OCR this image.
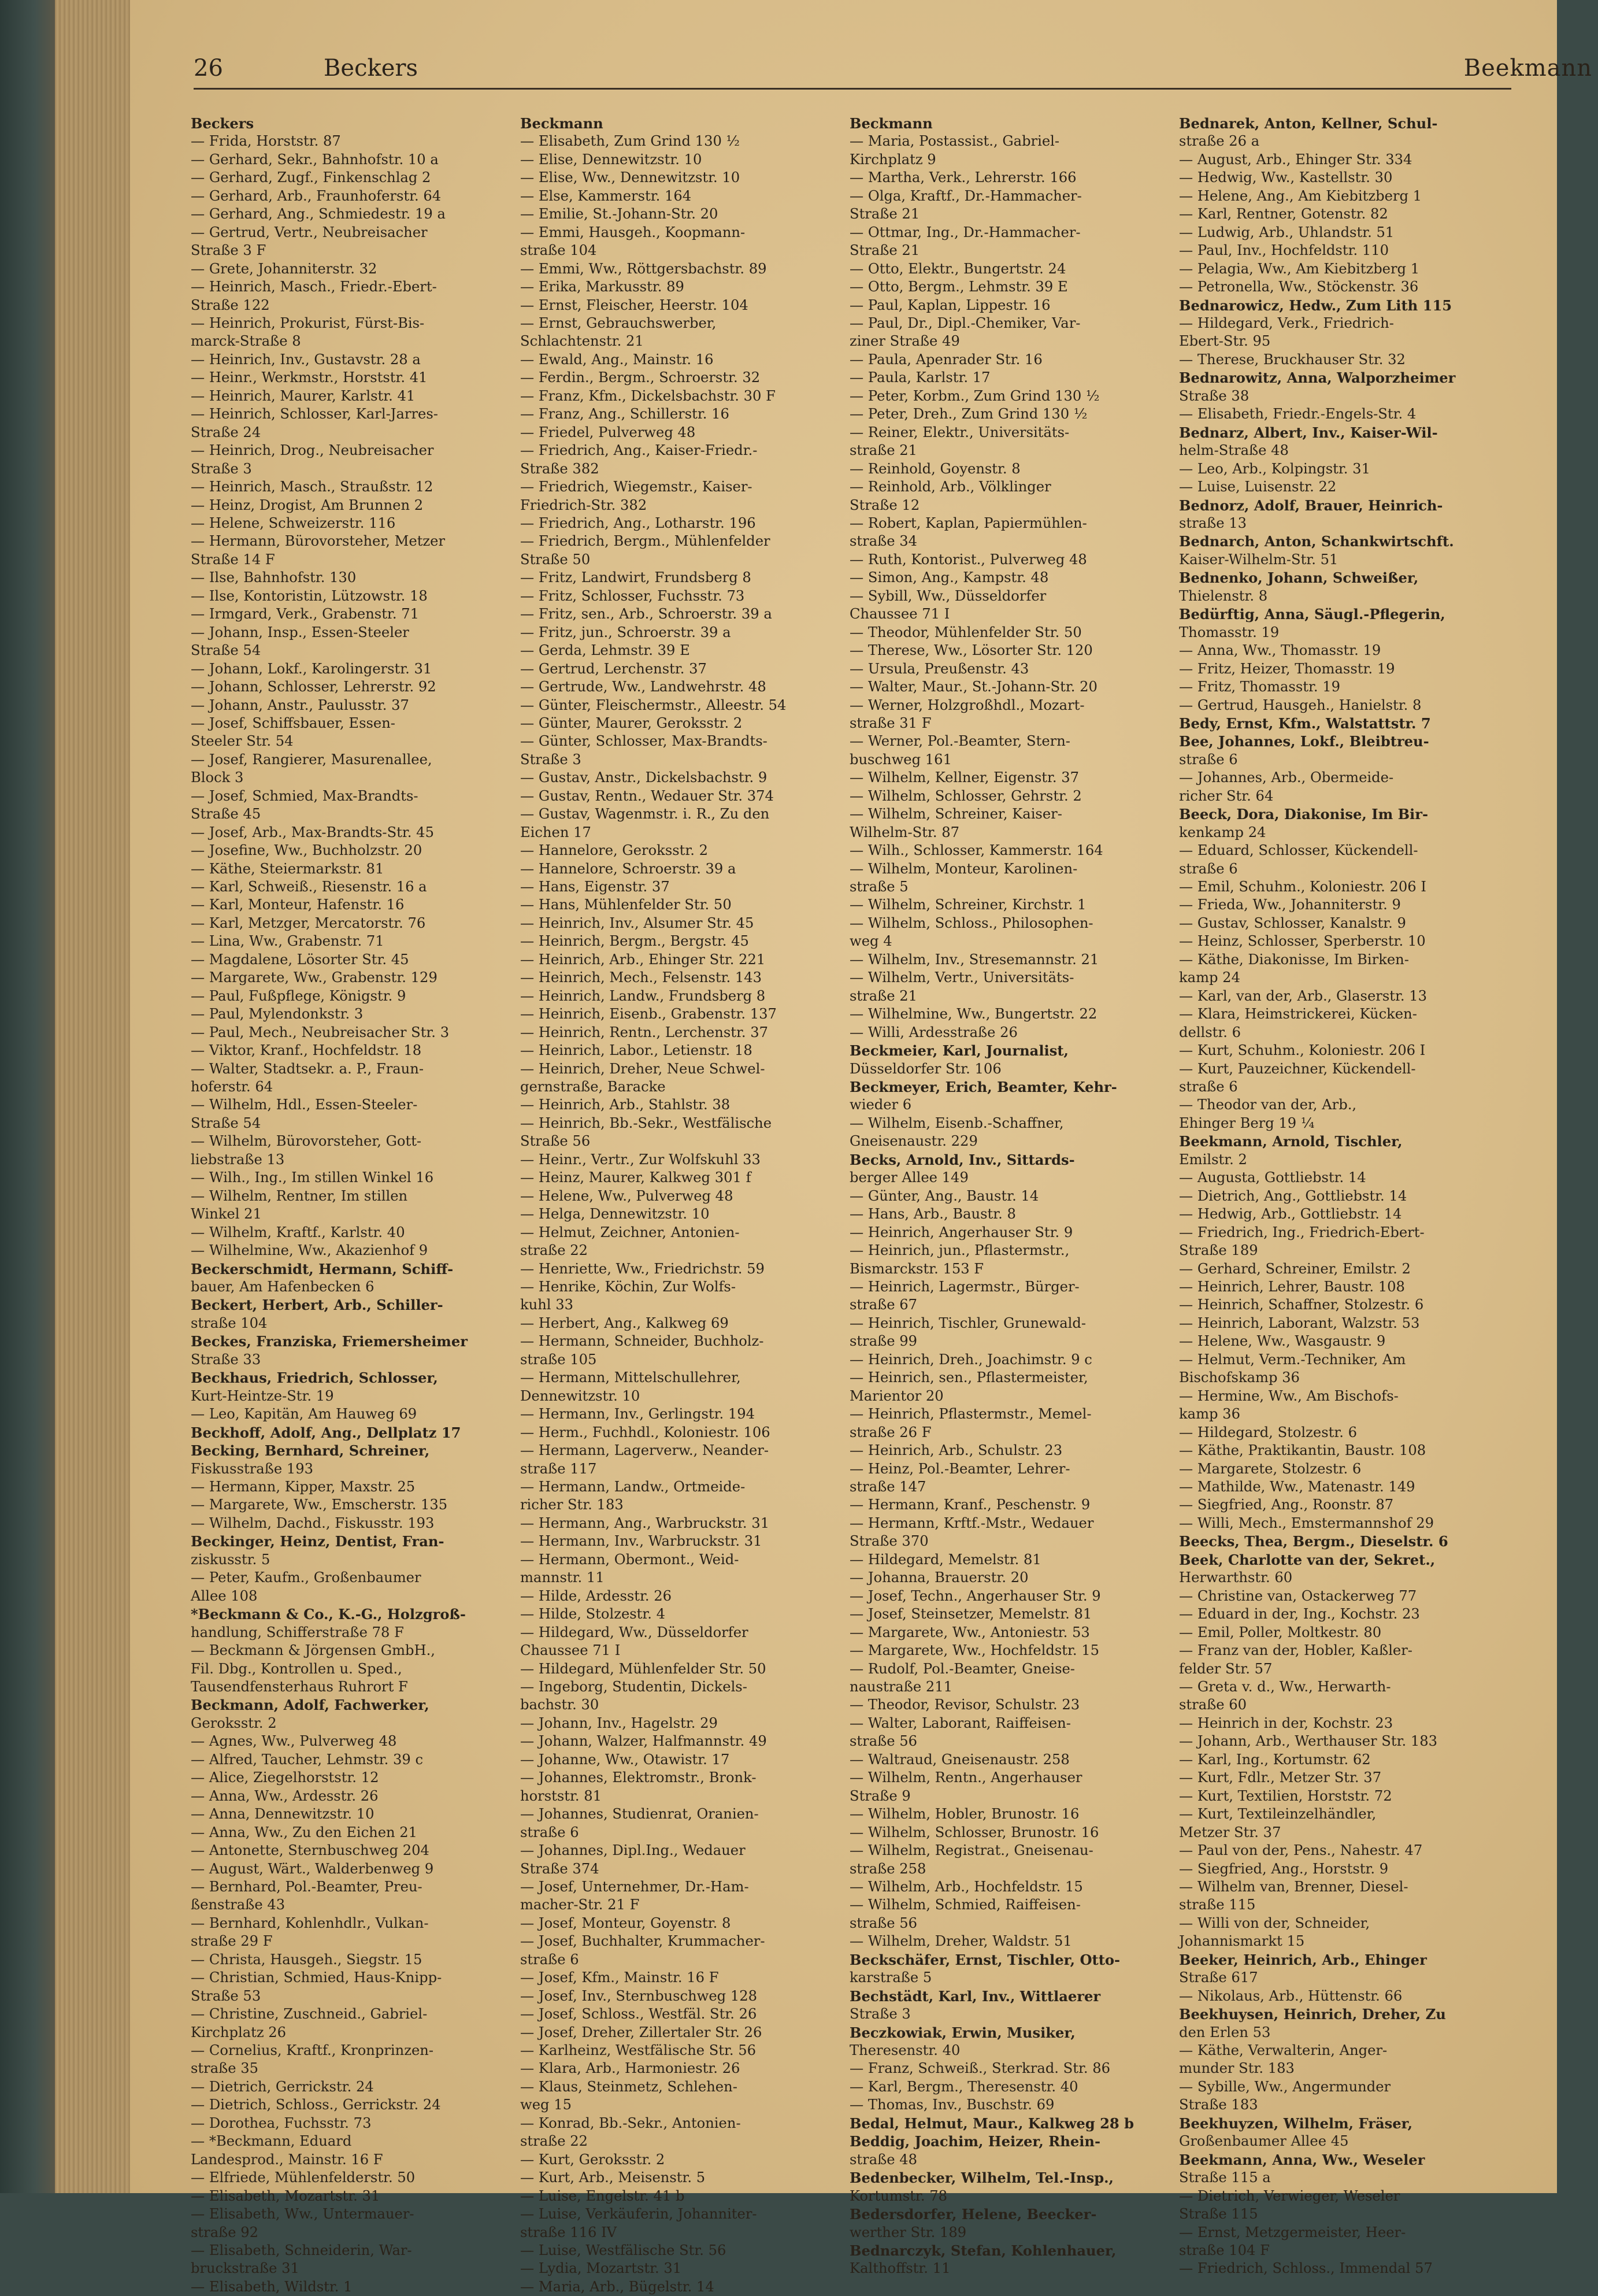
26	Beckers	Beekmann
Beckers
— Frida, Horststr. 87
— Gerhard, Sekr., Bahnhofstr. 10 a
— Gerhard, Zugf., Finkenschlag 2
— Gerhard, Arb., Fraunhoferstr. 64
— Gerhard, Ang., Schmiedestr. 19 a
— Gertrud, Vertr., Neubreisacher
Straße 3 F
— Grete, Johanniterstr. 32
— Heinrich, Masch., Friedr.-Ebert-
Straße 122
— Heinrich, Prokurist, Fürst-Bis-
marck-Straße 8
— Heinrich, Inv., Gustavstr. 28 a
— Heinr., Werkmstr., Horststr. 41
— Heinrich, Maurer, Karlstr. 41
— Heinrich, Schlosser, Karl-Jarres-
Straße 24
— Heinrich, Drog., Neubreisacher
Straße 3
— Heinrich, Masch., Straußstr. 12
— Heinz, Drogist, Am Brunnen 2
— Helene, Schweizerstr. 116
— Hermann, Bürovorsteher, Metzer
Straße 14 F
— Ilse, Bahnhofstr. 130
— Ilse, Kontoristin, Lützowstr. 18
— Irmgard, Verk., Grabenstr. 71
— Johann, Insp., Essen-Steeler
Straße 54
— Johann, Lokf., Karolingerstr. 31
— Johann, Schlosser, Lehrerstr. 92
— Johann, Anstr., Paulusstr. 37
— Josef, Schiffsbauer, Essen-
Steeler Str. 54
— Josef, Rangierer, Masurenallee,
Block 3
— Josef, Schmied, Max-Brandts-
Straße 45
— Josef, Arb., Max-Brandts-Str. 45
— Josefine, Ww., Buchholzstr. 20
— Käthe, Steiermarkstr. 81
— Karl, Schweiß., Riesenstr. 16 a
— Karl, Monteur, Hafenstr. 16
— Karl, Metzger, Mercatorstr. 76
— Lina, Ww., Grabenstr. 71
— Magdalene, Lösorter Str. 45
— Margarete, Ww., Grabenstr. 129
— Paul, Fußpflege, Königstr. 9
— Paul, Mylendonkstr. 3
— Paul, Mech., Neubreisacher Str. 3
— Viktor, Kranf., Hochfeldstr. 18
— Walter, Stadtsekr. a. P., Fraun-
hoferstr. 64
— Wilhelm, Hdl., Essen-Steeler-
Straße 54
— Wilhelm, Bürovorsteher, Gott-
liebstraße 13
— Wilh., Ing., Im stillen Winkel 16
— Wilhelm, Rentner, Im stillen
Winkel 21
— Wilhelm, Kraftf., Karlstr. 40
— Wilhelmine, Ww., Akazienhof 9
Beckerschmidt, Hermann, Schiff-
bauer, Am Hafenbecken 6
Beckert, Herbert, Arb., Schiller-
straße 104
Beckes, Franziska, Friemersheimer
Straße 33
Beckhaus, Friedrich, Schlosser,
Kurt-Heintze-Str. 19
— Leo, Kapitän, Am Hauweg 69
Beckhoff, Adolf, Ang., Dellplatz 17
Becking, Bernhard, Schreiner,
Fiskusstraße 193
— Hermann, Kipper, Maxstr. 25
— Margarete, Ww., Emscherstr. 135
— Wilhelm, Dachd., Fiskusstr. 193
Beckinger, Heinz, Dentist, Fran-
ziskusstr. 5
— Peter, Kaufm., Großenbaumer
Allee 108
*Beckmann & Co., K.-G., Holzgroß-
handlung, Schifferstraße 78 F
— Beckmann & Jörgensen GmbH.,
Fil. Dbg., Kontrollen u. Sped.,
Tausendfensterhaus Ruhrort F
Beckmann, Adolf, Fachwerker,
Geroksstr. 2
— Agnes, Ww., Pulverweg 48
— Alfred, Taucher, Lehmstr. 39 c
— Alice, Ziegelhorststr. 12
— Anna, Ww., Ardesstr. 26
— Anna, Dennewitzstr. 10
— Anna, Ww., Zu den Eichen 21
— Antonette, Sternbuschweg 204
— August, Wärt., Walderbenweg 9
— Bernhard, Pol.-Beamter, Preu-
ßenstraße 43
— Bernhard, Kohlenhdlr., Vulkan-
straße 29 F
— Christa, Hausgeh., Siegstr. 15
— Christian, Schmied, Haus-Knipp-
Straße 53
— Christine, Zuschneid., Gabriel-
Kirchplatz 26
— Cornelius, Kraftf., Kronprinzen-
straße 35
— Dietrich, Gerrickstr. 24
— Dietrich, Schloss., Gerrickstr. 24
— Dorothea, Fuchsstr. 73
— *Beckmann, Eduard
Landesprod., Mainstr. 16 F
— Elfriede, Mühlenfelderstr. 50
— Elisabeth, Mozartstr. 31
— Elisabeth, Ww., Untermauer-
straße 92
— Elisabeth, Schneiderin, War-
bruckstraße 31
— Elisabeth, Wildstr. 1
Beckmann
— Elisabeth, Zum Grind 130 ½
— Elise, Dennewitzstr. 10
— Elise, Ww., Dennewitzstr. 10
— Else, Kammerstr. 164
— Emilie, St.-Johann-Str. 20
— Emmi, Hausgeh., Koopmann-
straße 104
— Emmi, Ww., Röttgersbachstr. 89
— Erika, Markusstr. 89
— Ernst, Fleischer, Heerstr. 104
— Ernst, Gebrauchswerber,
Schlachtenstr. 21
— Ewald, Ang., Mainstr. 16
— Ferdin., Bergm., Schroerstr. 32
— Franz, Kfm., Dickelsbachstr. 30 F
— Franz, Ang., Schillerstr. 16
— Friedel, Pulverweg 48
— Friedrich, Ang., Kaiser-Friedr.-
Straße 382
— Friedrich, Wiegemstr., Kaiser-
Friedrich-Str. 382
— Friedrich, Ang., Lotharstr. 196
— Friedrich, Bergm., Mühlenfelder
Straße 50
— Fritz, Landwirt, Frundsberg 8
— Fritz, Schlosser, Fuchsstr. 73
— Fritz, sen., Arb., Schroerstr. 39 a
— Fritz, jun., Schroerstr. 39 a
— Gerda, Lehmstr. 39 E
— Gertrud, Lerchenstr. 37
— Gertrude, Ww., Landwehrstr. 48
— Günter, Fleischermstr., Alleestr. 54
— Günter, Maurer, Geroksstr. 2
— Günter, Schlosser, Max-Brandts-
Straße 3
— Gustav, Anstr., Dickelsbachstr. 9
— Gustav, Rentn., Wedauer Str. 374
— Gustav, Wagenmstr. i. R., Zu den
Eichen 17
— Hannelore, Geroksstr. 2
— Hannelore, Schroerstr. 39 a
— Hans, Eigenstr. 37
— Hans, Mühlenfelder Str. 50
— Heinrich, Inv., Alsumer Str. 45
— Heinrich, Bergm., Bergstr. 45
— Heinrich, Arb., Ehinger Str. 221
— Heinrich, Mech., Felsenstr. 143
— Heinrich, Landw., Frundsberg 8
— Heinrich, Eisenb., Grabenstr. 137
— Heinrich, Rentn., Lerchenstr. 37
— Heinrich, Labor., Letienstr. 18
— Heinrich, Dreher, Neue Schwel-
gernstraße, Baracke
— Heinrich, Arb., Stahlstr. 38
— Heinrich, Bb.-Sekr., Westfälische
Straße 56
— Heinr., Vertr., Zur Wolfskuhl 33
— Heinz, Maurer, Kalkweg 301 f
— Helene, Ww., Pulverweg 48
— Helga, Dennewitzstr. 10
— Helmut, Zeichner, Antonien-
straße 22
— Henriette, Ww., Friedrichstr. 59
— Henrike, Köchin, Zur Wolfs-
kuhl 33
— Herbert, Ang., Kalkweg 69
— Hermann, Schneider, Buchholz-
straße 105
— Hermann, Mittelschullehrer,
Dennewitzstr. 10
— Hermann, Inv., Gerlingstr. 194
— Herm., Fuchhdl., Koloniestr. 106
— Hermann, Lagerverw., Neander-
straße 117
— Hermann, Landw., Ortmeide-
richer Str. 183
— Hermann, Ang., Warbruckstr. 31
— Hermann, Inv., Warbruckstr. 31
— Hermann, Obermont., Weid-
mannstr. 11
— Hilde, Ardesstr. 26
— Hilde, Stolzestr. 4
— Hildegard, Ww., Düsseldorfer
Chaussee 71 I
— Hildegard, Mühlenfelder Str. 50
— Ingeborg, Studentin, Dickels-
bachstr. 30
— Johann, Inv., Hagelstr. 29
— Johann, Walzer, Halfmannstr. 49
— Johanne, Ww., Otawistr. 17
— Johannes, Elektromstr., Bronk-
horststr. 81
— Johannes, Studienrat, Oranien-
straße 6
— Johannes, Dipl.Ing., Wedauer
Straße 374
— Josef, Unternehmer, Dr.-Ham-
macher-Str. 21 F
— Josef, Monteur, Goyenstr. 8
— Josef, Buchhalter, Krummacher-
straße 6
— Josef, Kfm., Mainstr. 16 F
— Josef, Inv., Sternbuschweg 128
— Josef, Schloss., Westfäl. Str. 26
— Josef, Dreher, Zillertaler Str. 26
— Karlheinz, Westfälische Str. 56
— Klara, Arb., Harmoniestr. 26
— Klaus, Steinmetz, Schlehen-
weg 15
— Konrad, Bb.-Sekr., Antonien-
straße 22
— Kurt, Geroksstr. 2
— Kurt, Arb., Meisenstr. 5
— Luise, Engelstr. 41 b
— Luise, Verkäuferin, Johanniter-
straße 116 IV
— Luise, Westfälische Str. 56
— Lydia, Mozartstr. 31
— Maria, Arb., Bügelstr. 14
Beckmann
— Maria, Postassist., Gabriel-
Kirchplatz 9
— Martha, Verk., Lehrerstr. 166
— Olga, Kraftf., Dr.-Hammacher-
Straße 21
— Ottmar, Ing., Dr.-Hammacher-
Straße 21
— Otto, Elektr., Bungertstr. 24
— Otto, Bergm., Lehmstr. 39 E
— Paul, Kaplan, Lippestr. 16
— Paul, Dr., Dipl.-Chemiker, Var-
ziner Straße 49
— Paula, Apenrader Str. 16
— Paula, Karlstr. 17
— Peter, Korbm., Zum Grind 130 ½
— Peter, Dreh., Zum Grind 130 ½
— Reiner, Elektr., Universitäts-
straße 21
— Reinhold, Goyenstr. 8
— Reinhold, Arb., Völklinger
Straße 12
— Robert, Kaplan, Papiermühlen-
straße 34
— Ruth, Kontorist., Pulverweg 48
— Simon, Ang., Kampstr. 48
— Sybill, Ww., Düsseldorfer
Chaussee 71 I
— Theodor, Mühlenfelder Str. 50
— Therese, Ww., Lösorter Str. 120
— Ursula, Preußenstr. 43
— Walter, Maur., St.-Johann-Str. 20
— Werner, Holzgroßhdl., Mozart-
straße 31 F
— Werner, Pol.-Beamter, Stern-
buschweg 161
— Wilhelm, Kellner, Eigenstr. 37
— Wilhelm, Schlosser, Gehrstr. 2
— Wilhelm, Schreiner, Kaiser-
Wilhelm-Str. 87
— Wilh., Schlosser, Kammerstr. 164
— Wilhelm, Monteur, Karolinen-
straße 5
— Wilhelm, Schreiner, Kirchstr. 1
— Wilhelm, Schloss., Philosophen-
weg 4
— Wilhelm, Inv., Stresemannstr. 21
— Wilhelm, Vertr., Universitäts-
straße 21
— Wilhelmine, Ww., Bungertstr. 22
— Willi, Ardesstraße 26
Beckmeier, Karl, Journalist,
Düsseldorfer Str. 106
Beckmeyer, Erich, Beamter, Kehr-
wieder 6
— Wilhelm, Eisenb.-Schaffner,
Gneisenaustr. 229
Becks, Arnold, Inv., Sittards-
berger Allee 149
— Günter, Ang., Baustr. 14
— Hans, Arb., Baustr. 8
— Heinrich, Angerhauser Str. 9
— Heinrich, jun., Pflastermstr.,
Bismarckstr. 153 F
— Heinrich, Lagermstr., Bürger-
straße 67
— Heinrich, Tischler, Grunewald-
straße 99
— Heinrich, Dreh., Joachimstr. 9 c
— Heinrich, sen., Pflastermeister,
Marientor 20
— Heinrich, Pflastermstr., Memel-
straße 26 F
— Heinrich, Arb., Schulstr. 23
— Heinz, Pol.-Beamter, Lehrer-
straße 147
— Hermann, Kranf., Peschenstr. 9
— Hermann, Krftf.-Mstr., Wedauer
Straße 370
— Hildegard, Memelstr. 81
— Johanna, Brauerstr. 20
— Josef, Techn., Angerhauser Str. 9
— Josef, Steinsetzer, Memelstr. 81
— Margarete, Ww., Antoniestr. 53
— Margarete, Ww., Hochfeldstr. 15
— Rudolf, Pol.-Beamter, Gneise-
naustraße 211
— Theodor, Revisor, Schulstr. 23
— Walter, Laborant, Raiffeisen-
straße 56
— Waltraud, Gneisenaustr. 258
— Wilhelm, Rentn., Angerhauser
Straße 9
— Wilhelm, Hobler, Brunostr. 16
— Wilhelm, Schlosser, Brunostr. 16
— Wilhelm, Registrat., Gneisenau-
straße 258
— Wilhelm, Arb., Hochfeldstr. 15
— Wilhelm, Schmied, Raiffeisen-
straße 56
— Wilhelm, Dreher, Waldstr. 51
Beckschäfer, Ernst, Tischler, Otto-
karstraße 5
Bechstädt, Karl, Inv., Wittlaerer
Straße 3
Beczkowiak, Erwin, Musiker,
Theresenstr. 40
— Franz, Schweiß., Sterkrad. Str. 86
— Karl, Bergm., Theresenstr. 40
— Thomas, Inv., Buschstr. 69
Bedal, Helmut, Maur., Kalkweg 28 b
Beddig, Joachim, Heizer, Rhein-
straße 48
Bedenbecker, Wilhelm, Tel.-Insp.,
Kortumstr. 78
Bedersdorfer, Helene, Beecker-
werther Str. 189
Bednarczyk, Stefan, Kohlenhauer,
Kalthoffstr. 11
Bednarek, Anton, Kellner, Schul-
straße 26 a
— August, Arb., Ehinger Str. 334
— Hedwig, Ww., Kastellstr. 30
— Helene, Ang., Am Kiebitzberg 1
— Karl, Rentner, Gotenstr. 82
— Ludwig, Arb., Uhlandstr. 51
— Paul, Inv., Hochfeldstr. 110
— Pelagia, Ww., Am Kiebitzberg 1
— Petronella, Ww., Stöckenstr. 36
Bednarowicz, Hedw., Zum Lith 115
— Hildegard, Verk., Friedrich-
Ebert-Str. 95
— Therese, Bruckhauser Str. 32
Bednarowitz, Anna, Walporzheimer
Straße 38
— Elisabeth, Friedr.-Engels-Str. 4
Bednarz, Albert, Inv., Kaiser-Wil-
helm-Straße 48
— Leo, Arb., Kolpingstr. 31
— Luise, Luisenstr. 22
Bednorz, Adolf, Brauer, Heinrich-
straße 13
Bednarch, Anton, Schankwirtschft.
Kaiser-Wilhelm-Str. 51
Bednenko, Johann, Schweißer,
Thielenstr. 8
Bedürftig, Anna, Säugl.-Pflegerin,
Thomasstr. 19
— Anna, Ww., Thomasstr. 19
— Fritz, Heizer, Thomasstr. 19
— Fritz, Thomasstr. 19
— Gertrud, Hausgeh., Hanielstr. 8
Bedy, Ernst, Kfm., Walstattstr. 7
Bee, Johannes, Lokf., Bleibtreu-
straße 6
— Johannes, Arb., Obermeide-
richer Str. 64
Beeck, Dora, Diakonise, Im Bir-
kenkamp 24
— Eduard, Schlosser, Kückendell-
straße 6
— Emil, Schuhm., Koloniestr. 206 I
— Frieda, Ww., Johanniterstr. 9
— Gustav, Schlosser, Kanalstr. 9
— Heinz, Schlosser, Sperberstr. 10
— Käthe, Diakonisse, Im Birken-
kamp 24
— Karl, van der, Arb., Glaserstr. 13
— Klara, Heimstrickerei, Kücken-
dellstr. 6
— Kurt, Schuhm., Koloniestr. 206 I
— Kurt, Pauzeichner, Kückendell-
straße 6
— Theodor van der, Arb.,
Ehinger Berg 19 ¼
Beekmann, Arnold, Tischler,
Emilstr. 2
— Augusta, Gottliebstr. 14
— Dietrich, Ang., Gottliebstr. 14
— Hedwig, Arb., Gottliebstr. 14
— Friedrich, Ing., Friedrich-Ebert-
Straße 189
— Gerhard, Schreiner, Emilstr. 2
— Heinrich, Lehrer, Baustr. 108
— Heinrich, Schaffner, Stolzestr. 6
— Heinrich, Laborant, Walzstr. 53
— Helene, Ww., Wasgaustr. 9
— Helmut, Verm.-Techniker, Am
Bischofskamp 36
— Hermine, Ww., Am Bischofs-
kamp 36
— Hildegard, Stolzestr. 6
— Käthe, Praktikantin, Baustr. 108
— Margarete, Stolzestr. 6
— Mathilde, Ww., Matenastr. 149
— Siegfried, Ang., Roonstr. 87
— Willi, Mech., Emstermannshof 29
Beecks, Thea, Bergm., Dieselstr. 6
Beek, Charlotte van der, Sekret.,
Herwarthstr. 60
— Christine van, Ostackerweg 77
— Eduard in der, Ing., Kochstr. 23
— Emil, Poller, Moltkestr. 80
— Franz van der, Hobler, Kaßler-
felder Str. 57
— Greta v. d., Ww., Herwarth-
straße 60
— Heinrich in der, Kochstr. 23
— Johann, Arb., Werthauser Str. 183
— Karl, Ing., Kortumstr. 62
— Kurt, Fdlr., Metzer Str. 37
— Kurt, Textilien, Horststr. 72
— Kurt, Textileinzelhändler,
Metzer Str. 37
— Paul von der, Pens., Nahestr. 47
— Siegfried, Ang., Horststr. 9
— Wilhelm van, Brenner, Diesel-
straße 115
— Willi von der, Schneider,
Johannismarkt 15
Beeker, Heinrich, Arb., Ehinger
Straße 617
— Nikolaus, Arb., Hüttenstr. 66
Beekhuysen, Heinrich, Dreher, Zu
den Erlen 53
— Käthe, Verwalterin, Anger-
munder Str. 183
— Sybille, Ww., Angermunder
Straße 183
Beekhuyzen, Wilhelm, Fräser,
Großenbaumer Allee 45
Beekmann, Anna, Ww., Weseler
Straße 115 a
— Dietrich, Verwieger, Weseler
Straße 115
— Ernst, Metzgermeister, Heer-
straße 104 F
— Friedrich, Schloss., Immendal 57
